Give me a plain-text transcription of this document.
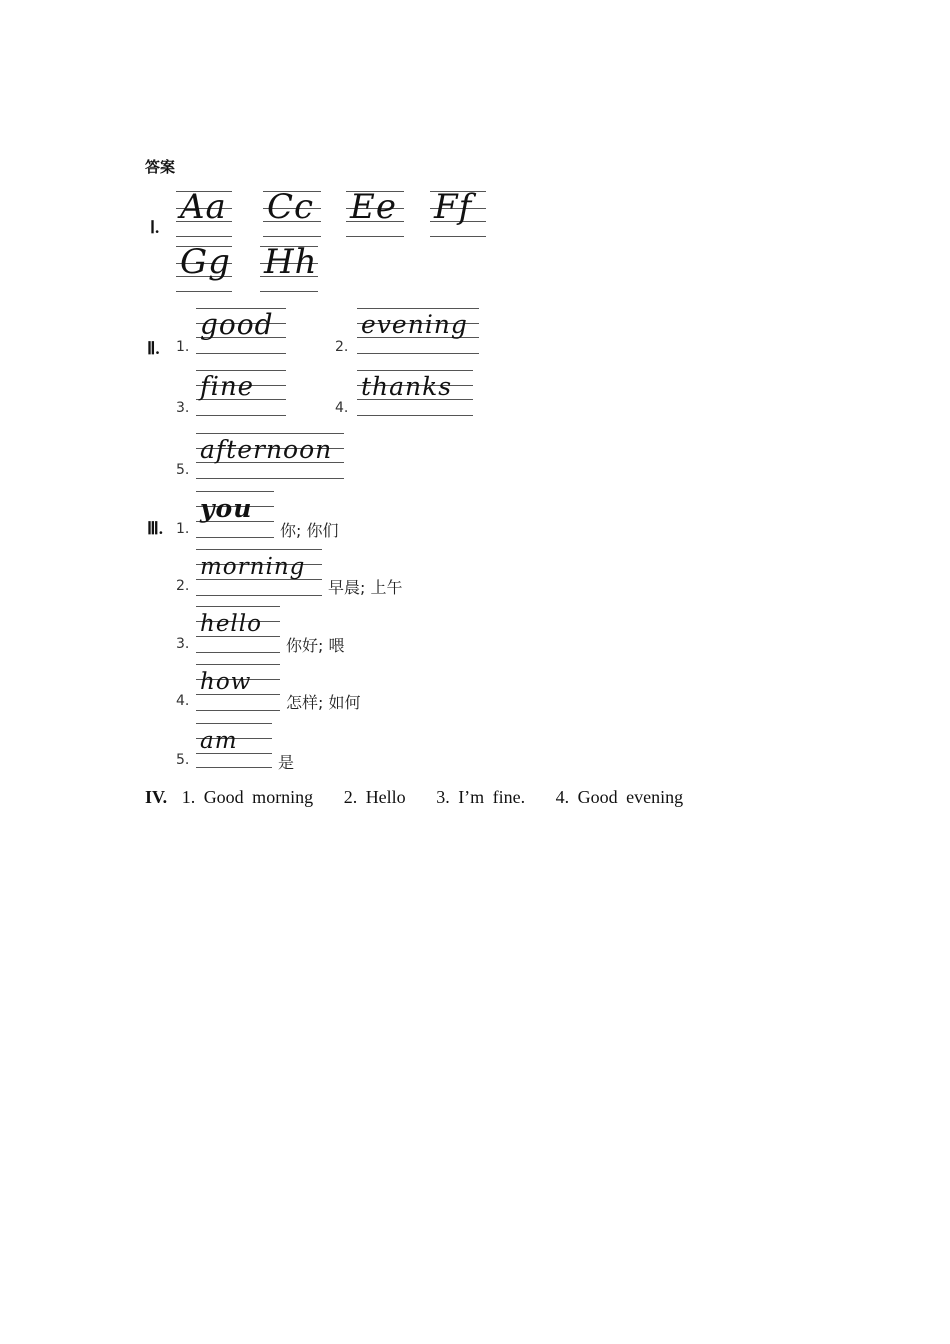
答案
Ⅰ.
Aa Cc Ee Ff
Gg Hh
Ⅱ. 1.
good
2.
evening
3.
fine
4.
thanks
5.
afternoon
Ⅲ. 1.
you
你; 你们
2.
morning
早晨; 上午
3.
hello
你好; 喂
4.
how
怎样; 如何
5.
am
是
IV. 1. Good morning 2. Hello 3. I’m fine. 4. Good evening
